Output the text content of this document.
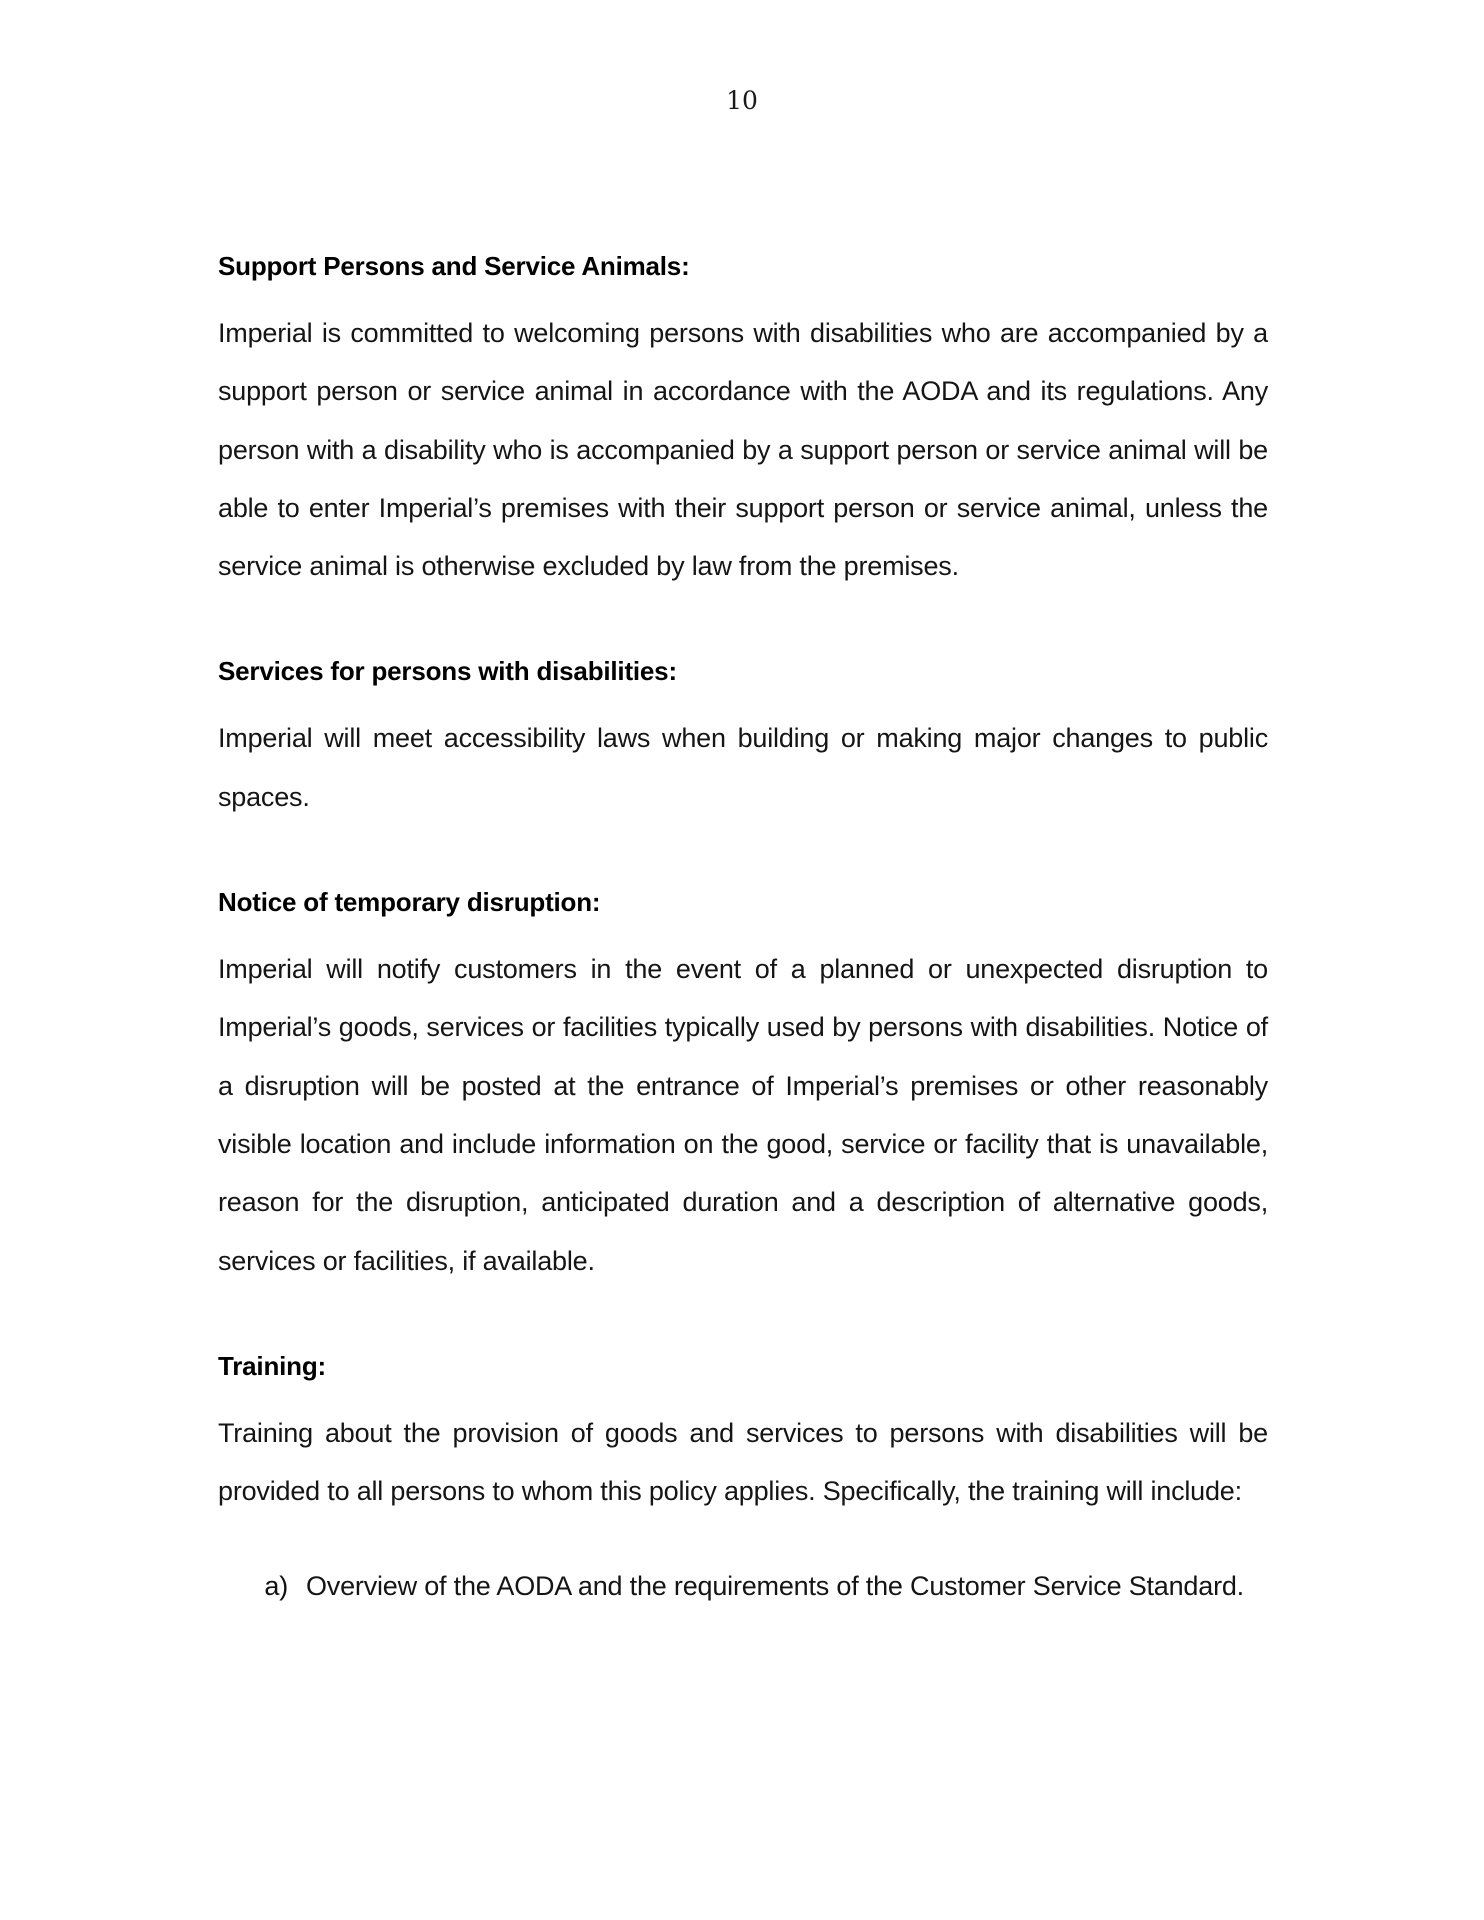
10
Support Persons and Service Animals:

Imperial is committed to welcoming persons with disabilities who are accompanied by a support person or service animal in accordance with the AODA and its regulations. Any person with a disability who is accompanied by a support person or service animal will be able to enter Imperial’s premises with their support person or service animal, unless the service animal is otherwise excluded by law from the premises.

Services for persons with disabilities:

Imperial will meet accessibility laws when building or making major changes to public spaces.

Notice of temporary disruption:

Imperial will notify customers in the event of a planned or unexpected disruption to Imperial’s goods, services or facilities typically used by persons with disabilities. Notice of a disruption will be posted at the entrance of Imperial’s premises or other reasonably visible location and include information on the good, service or facility that is unavailable, reason for the disruption, anticipated duration and a description of alternative goods, services or facilities, if available.

Training:

Training about the provision of goods and services to persons with disabilities will be provided to all persons to whom this policy applies. Specifically, the training will include:

a) Overview of the AODA and the requirements of the Customer Service Standard.
